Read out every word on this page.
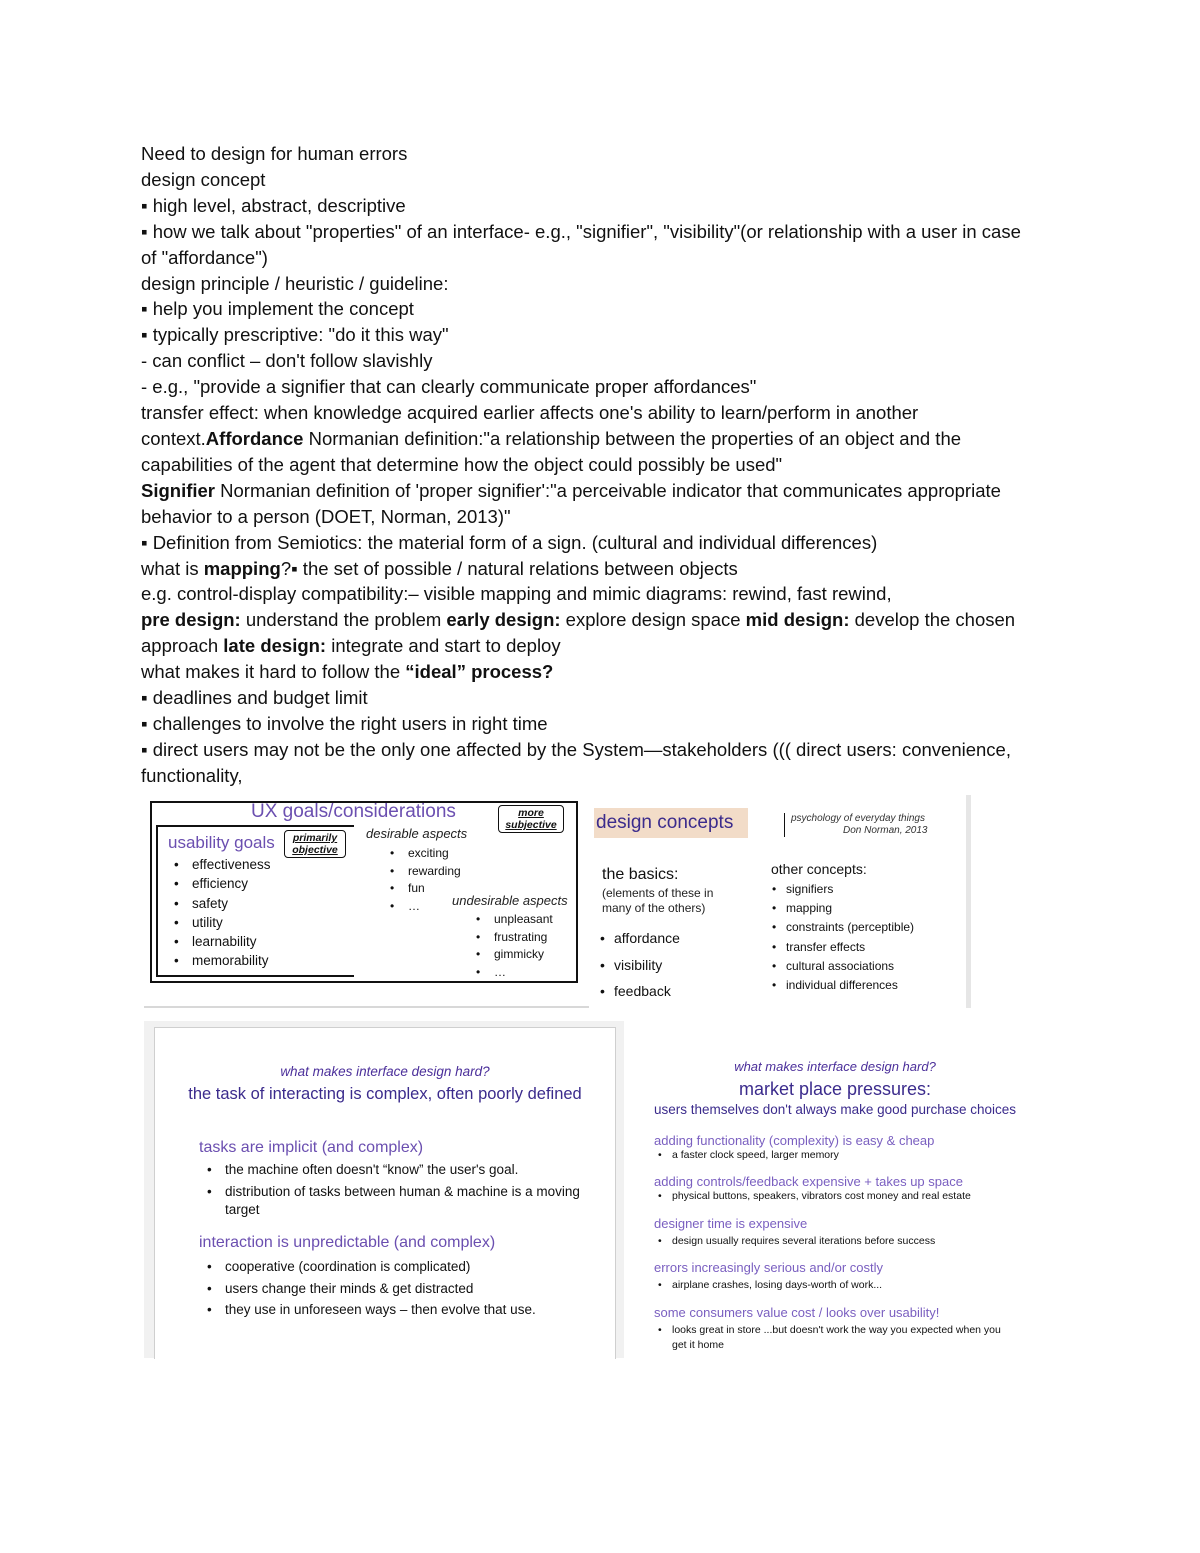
Need to design for human errors
design concept
▪ high level, abstract, descriptive
▪ how we talk about "properties" of an interface- e.g., "signifier", "visibility"(or relationship with a user in case of "affordance")
design principle / heuristic / guideline:
▪ help you implement the concept
▪ typically prescriptive: "do it this way"
- can conflict – don't follow slavishly
- e.g., "provide a signifier that can clearly communicate proper affordances"
transfer effect: when knowledge acquired earlier affects one's ability to learn/perform in another context.Affordance Normanian definition:"a relationship between the properties of an object and the capabilities of the agent that determine how the object could possibly be used"
Signifier Normanian definition of 'proper signifier':"a perceivable indicator that communicates appropriate behavior to a person (DOET, Norman, 2013)"
▪ Definition from Semiotics: the material form of a sign. (cultural and individual differences)
what is mapping?▪ the set of possible / natural relations between objects
e.g. control-display compatibility:– visible mapping and mimic diagrams: rewind, fast rewind,
pre design: understand the problem early design: explore design space mid design: develop the chosen approach late design: integrate and start to deploy
what makes it hard to follow the “ideal” process?
▪ deadlines and budget limit
▪ challenges to involve the right users in right time
▪ direct users may not be the only one affected by the System—stakeholders ((( direct users: convenience, functionality,
UX goals/considerations	more subjective
primarily objective
usability goals
• effectiveness
• efficiency
• safety
• utility
• learnability
• memorability
desirable aspects
• exciting
• rewarding
• fun
• …	undesirable aspects
• unpleasant
• frustrating
• gimmicky
• …
design concepts	psychology of everyday things
Don Norman, 2013
the basics:
(elements of these in many of the others)
• affordance
• visibility
• feedback
other concepts:
• signifiers
• mapping
• constraints (perceptible)
• transfer effects
• cultural associations
• individual differences
what makes interface design hard?
the task of interacting is complex, often poorly defined
tasks are implicit (and complex)
• the machine often doesn't “know” the user's goal.
• distribution of tasks between human & machine is a moving target
interaction is unpredictable (and complex)
• cooperative (coordination is complicated)
• users change their minds & get distracted
• they use in unforeseen ways – then evolve that use.
what makes interface design hard?
market place pressures:
users themselves don't always make good purchase choices
adding functionality (complexity) is easy & cheap
• a faster clock speed, larger memory
adding controls/feedback expensive + takes up space
• physical buttons, speakers, vibrators cost money and real estate
designer time is expensive
• design usually requires several iterations before success
errors increasingly serious and/or costly
• airplane crashes, losing days-worth of work...
some consumers value cost / looks over usability!
• looks great in store ...but doesn't work the way you expected when you get it home
